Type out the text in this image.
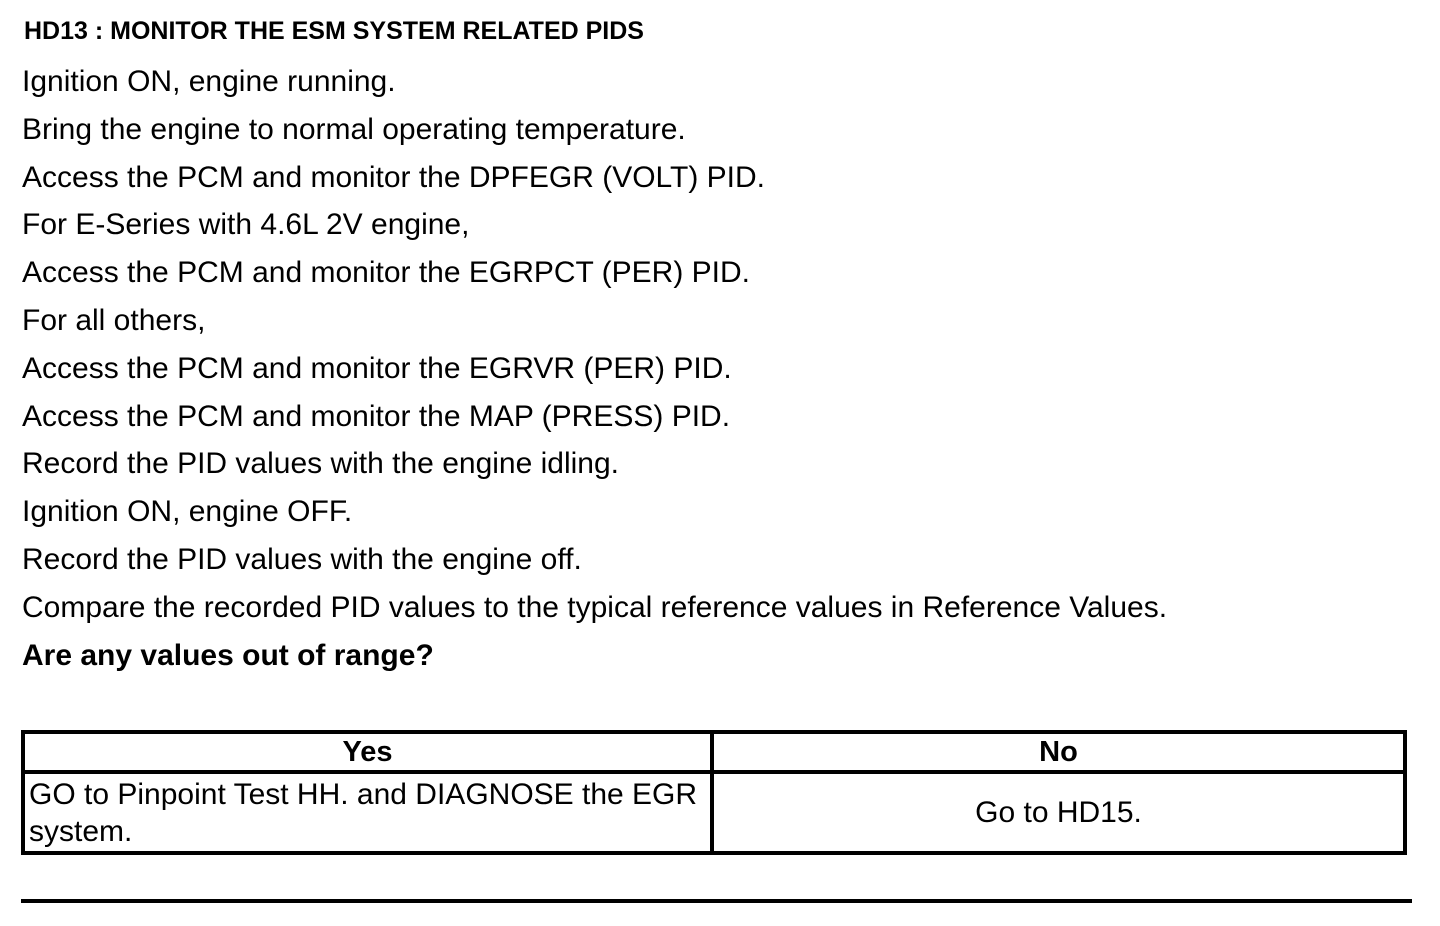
HD13 : MONITOR THE ESM SYSTEM RELATED PIDS
Ignition ON, engine running.
Bring the engine to normal operating temperature.
Access the PCM and monitor the DPFEGR (VOLT) PID.
For E-Series with 4.6L 2V engine,
Access the PCM and monitor the EGRPCT (PER) PID.
For all others,
Access the PCM and monitor the EGRVR (PER) PID.
Access the PCM and monitor the MAP (PRESS) PID.
Record the PID values with the engine idling.
Ignition ON, engine OFF.
Record the PID values with the engine off.
Compare the recorded PID values to the typical reference values in Reference Values.
Are any values out of range?
Yes	No
GO to Pinpoint Test HH. and DIAGNOSE the EGR system.	Go to HD15.
